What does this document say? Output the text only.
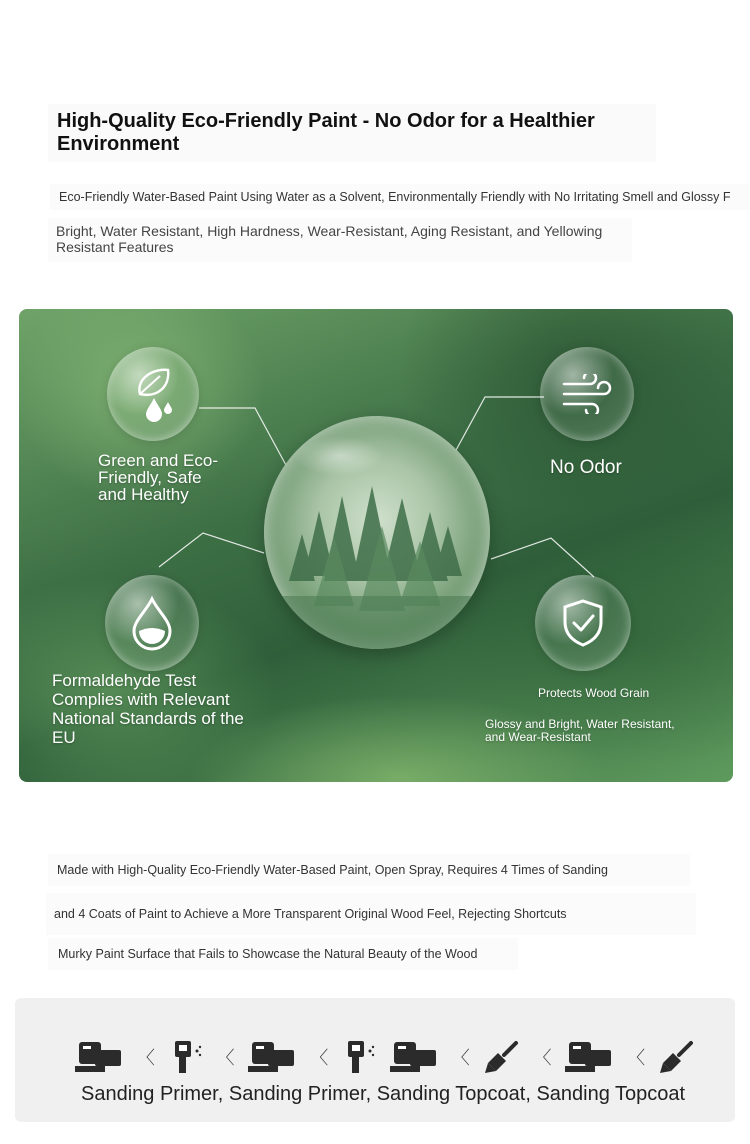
High-Quality Eco-Friendly Paint - No Odor for a Healthier Environment

Eco-Friendly Water-Based Paint Using Water as a Solvent, Environmentally Friendly with No Irritating Smell and Glossy F

Bright, Water Resistant, High Hardness, Wear-Resistant, Aging Resistant, and Yellowing Resistant Features

Green and Eco-Friendly, Safe and Healthy
No Odor
Formaldehyde Test Complies with Relevant National Standards of the EU
Protects Wood Grain
Glossy and Bright, Water Resistant, and Wear-Resistant

Made with High-Quality Eco-Friendly Water-Based Paint, Open Spray, Requires 4 Times of Sanding

and 4 Coats of Paint to Achieve a More Transparent Original Wood Feel, Rejecting Shortcuts

Murky Paint Surface that Fails to Showcase the Natural Beauty of the Wood

〈	〈	〈	〈	〈	〈
Sanding Primer, Sanding Primer, Sanding Topcoat, Sanding Topcoat
